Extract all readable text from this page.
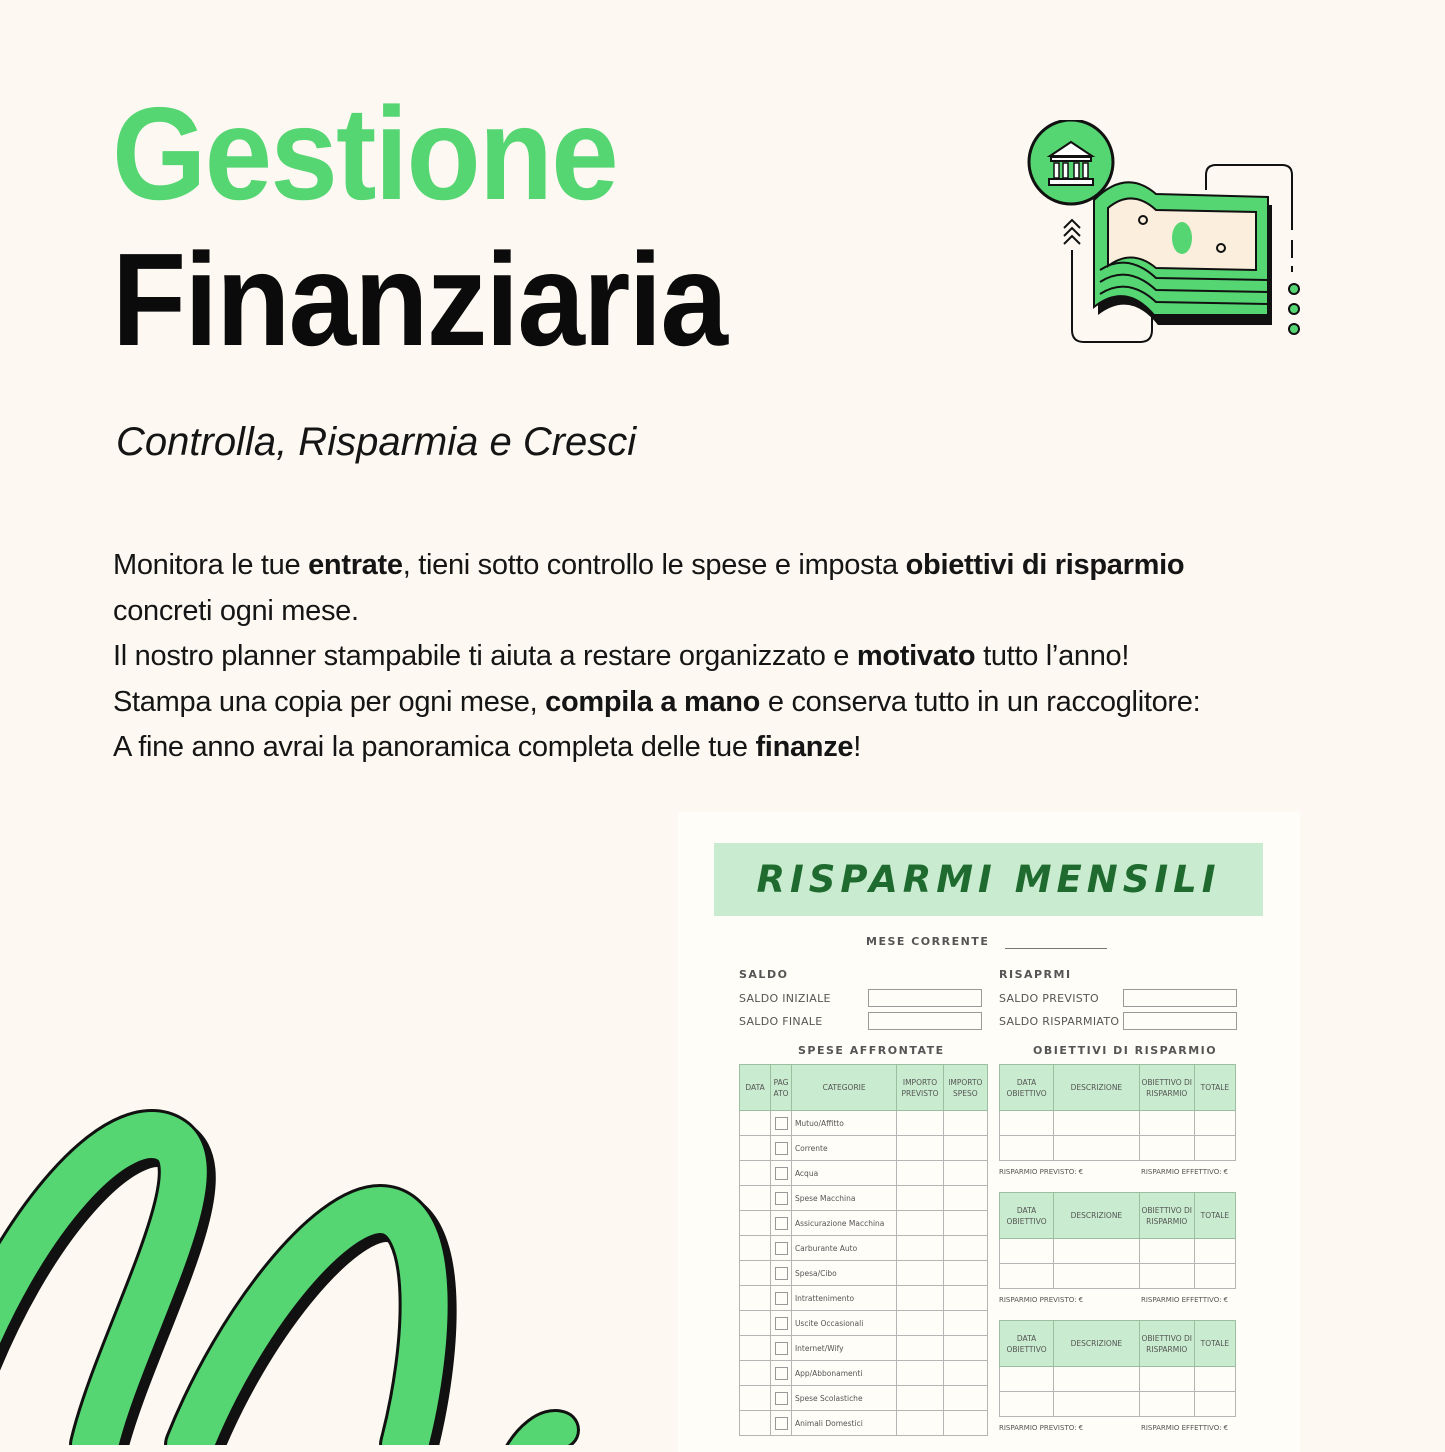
Gestione
Finanziaria
Controlla, Risparmia e Cresci
Monitora le tue entrate, tieni sotto controllo le spese e imposta obiettivi di risparmio
concreti ogni mese.
Il nostro planner stampabile ti aiuta a restare organizzato e motivato tutto l’anno!
Stampa una copia per ogni mese, compila a mano e conserva tutto in un raccoglitore:
A fine anno avrai la panoramica completa delle tue finanze!
RISPARMI MENSILI
MESE CORRENTE
SALDO
SALDO INIZIALE
SALDO FINALE
RISAPRMI
SALDO PREVISTO
SALDO RISPARMIATO
SPESE AFFRONTATE
DATA	PAG ATO	CATEGORIE	IMPORTO PREVISTO	IMPORTO SPESO
		Mutuo/Affitto		
		Corrente		
		Acqua		
		Spese Macchina		
		Assicurazione Macchina		
		Carburante Auto		
		Spesa/Cibo		
		Intrattenimento		
		Uscite Occasionali		
		Internet/Wify		
		App/Abbonamenti		
		Spese Scolastiche		
		Animali Domestici		
OBIETTIVI DI RISPARMIO
DATA OBIETTIVO	DESCRIZIONE	OBIETTIVO DI RISPARMIO	TOTALE

RISPARMIO PREVISTO: €	RISPARMIO EFFETTIVO: €
DATA OBIETTIVO	DESCRIZIONE	OBIETTIVO DI RISPARMIO	TOTALE

RISPARMIO PREVISTO: €	RISPARMIO EFFETTIVO: €
DATA OBIETTIVO	DESCRIZIONE	OBIETTIVO DI RISPARMIO	TOTALE

RISPARMIO PREVISTO: €	RISPARMIO EFFETTIVO: €
